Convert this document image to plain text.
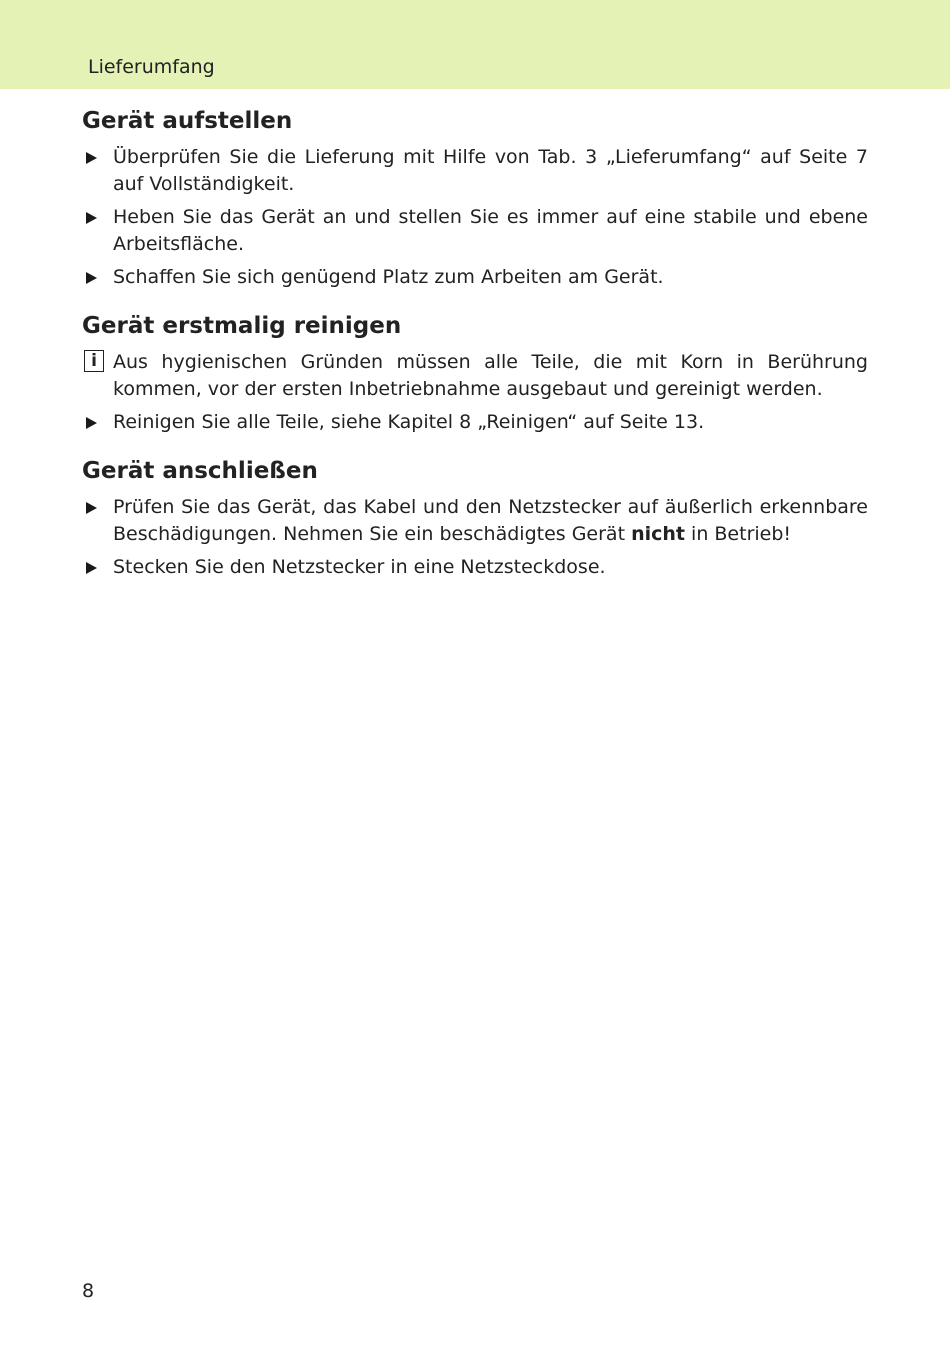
Lieferumfang
Gerät aufstellen
Überprüfen Sie die Lieferung mit Hilfe von Tab. 3 „Lieferumfang“ auf Seite 7 auf Vollständigkeit.
Heben Sie das Gerät an und stellen Sie es immer auf eine stabile und ebene Arbeitsfläche.
Schaffen Sie sich genügend Platz zum Arbeiten am Gerät.
Gerät erstmalig reinigen
i Aus hygienischen Gründen müssen alle Teile, die mit Korn in Berührung kommen, vor der ersten Inbetriebnahme ausgebaut und gereinigt werden.
Reinigen Sie alle Teile, siehe Kapitel 8 „Reinigen“ auf Seite 13.
Gerät anschließen
Prüfen Sie das Gerät, das Kabel und den Netzstecker auf äußerlich erkennbare Beschädigungen. Nehmen Sie ein beschädigtes Gerät nicht in Betrieb!
Stecken Sie den Netzstecker in eine Netzsteckdose.
8
